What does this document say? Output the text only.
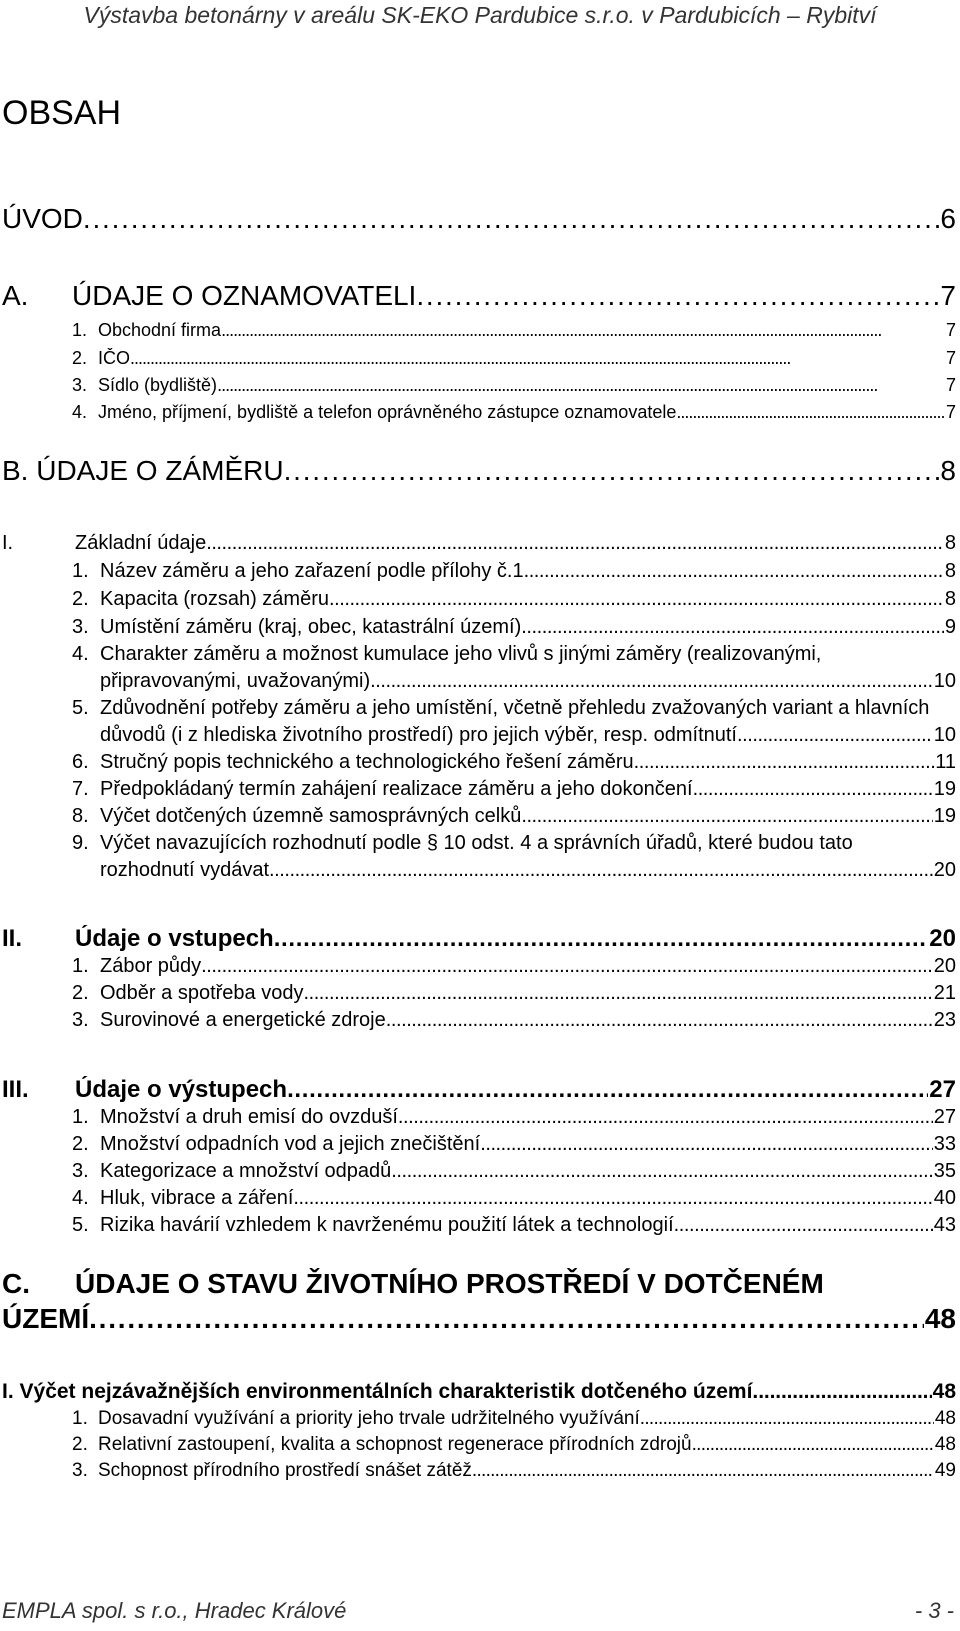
Výstavba betonárny v areálu SK-EKO Pardubice s.r.o. v Pardubicích – Rybitví
OBSAH
ÚVOD . . .	6
A. ÚDAJE O OZNAMOVATELI . . .	7
1. Obchodní firma . . .	7
2. IČO . . .	7
3. Sídlo (bydliště) . . .	7
4. Jméno, příjmení, bydliště a telefon oprávněného zástupce oznamovatele . . .	7
B. ÚDAJE O ZÁMĚRU . . .	8
I.	Základní údaje . . .	8
1. Název záměru a jeho zařazení podle přílohy č.1 . . .	8
2. Kapacita (rozsah) záměru . . .	8
3. Umístění záměru (kraj, obec, katastrální území) . . .	9
4. Charakter záměru a možnost kumulace jeho vlivů s jinými záměry (realizovanými,
připravovanými, uvažovanými) . . .	10
5. Zdůvodnění potřeby záměru a jeho umístění, včetně přehledu zvažovaných variant a hlavních
důvodů (i z hlediska životního prostředí) pro jejich výběr, resp. odmítnutí . . .	10
6. Stručný popis technického a technologického řešení záměru . . .	11
7. Předpokládaný termín zahájení realizace záměru a jeho dokončení . . .	19
8. Výčet dotčených územně samosprávných celků . . .	19
9. Výčet navazujících rozhodnutí podle § 10 odst. 4 a správních úřadů, které budou tato
rozhodnutí vydávat . . .	20
II. Údaje o vstupech . . .	20
1. Zábor půdy . . .	20
2. Odběr a spotřeba vody . . .	21
3. Surovinové a energetické zdroje . . .	23
III. Údaje o výstupech . . .	27
1. Množství a druh emisí do ovzduší . . .	27
2. Množství odpadních vod a jejich znečištění . . .	33
3. Kategorizace a množství odpadů . . .	35
4. Hluk, vibrace a záření . . .	40
5. Rizika havárií vzhledem k navrženému použití látek a technologií . . .	43
C. ÚDAJE O STAVU ŽIVOTNÍHO PROSTŘEDÍ V DOTČENÉM
ÚZEMÍ . . .	48
I. Výčet nejzávažnějších environmentálních charakteristik dotčeného území. . . .	48
1. Dosavadní využívání a priority jeho trvale udržitelného využívání . . .	48
2. Relativní zastoupení, kvalita a schopnost regenerace přírodních zdrojů . . .	48
3. Schopnost přírodního prostředí snášet zátěž . . .	49
EMPLA spol. s r.o., Hradec Králové	- 3 -
